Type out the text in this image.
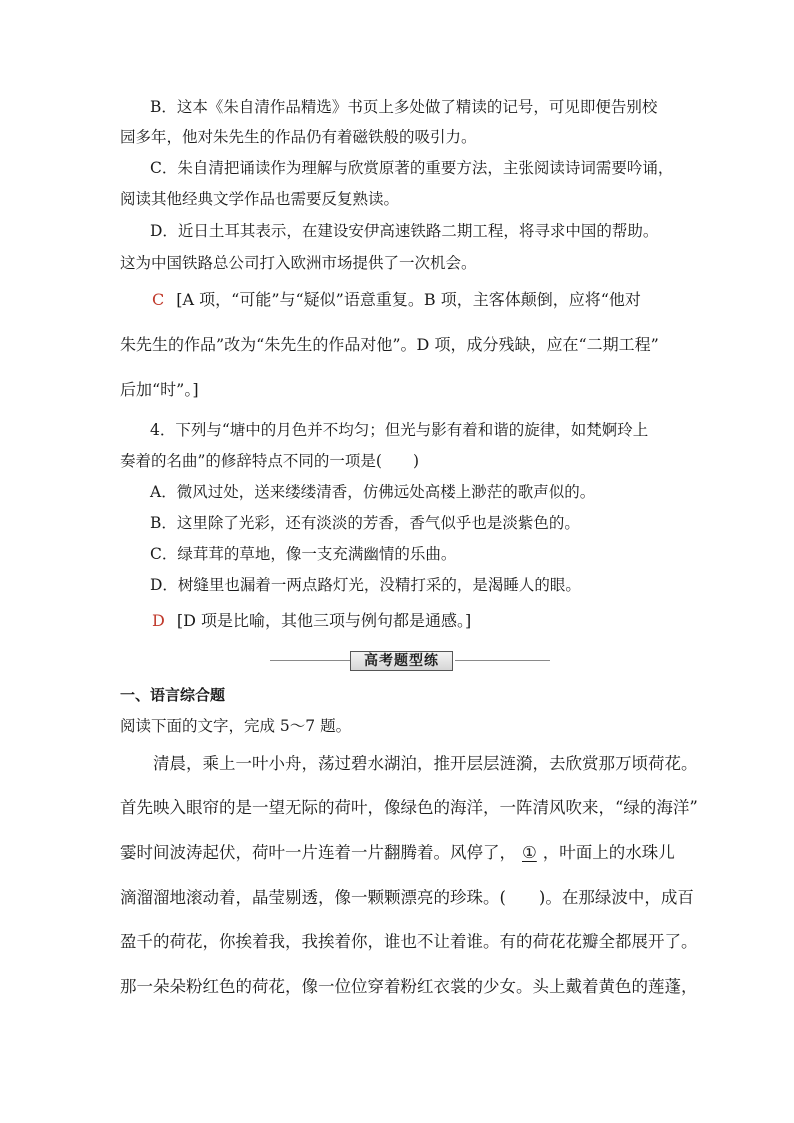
B．这本《朱自清作品精选》书页上多处做了精读的记号，可见即便告别校
园多年，他对朱先生的作品仍有着磁铁般的吸引力。
C．朱自清把诵读作为理解与欣赏原著的重要方法，主张阅读诗词需要吟诵，
阅读其他经典文学作品也需要反复熟读。
D．近日土耳其表示，在建设安伊高速铁路二期工程，将寻求中国的帮助。
这为中国铁路总公司打入欧洲市场提供了一次机会。
C [A 项，“可能”与“疑似”语意重复。B 项，主客体颠倒，应将“他对
朱先生的作品”改为“朱先生的作品对他”。D 项，成分残缺，应在“二期工程”
后加“时”。]
4．下列与“塘中的月色并不均匀；但光与影有着和谐的旋律，如梵婀玲上
奏着的名曲”的修辞特点不同的一项是(　　)
A．微风过处，送来缕缕清香，仿佛远处高楼上渺茫的歌声似的。
B．这里除了光彩，还有淡淡的芳香，香气似乎也是淡紫色的。
C．绿茸茸的草地，像一支充满幽情的乐曲。
D．树缝里也漏着一两点路灯光，没精打采的，是渴睡人的眼。
D [D 项是比喻，其他三项与例句都是通感。]
高考题型练
一、语言综合题
阅读下面的文字，完成 5～7 题。
清晨，乘上一叶小舟，荡过碧水湖泊，推开层层涟漪，去欣赏那万顷荷花。
首先映入眼帘的是一望无际的荷叶，像绿色的海洋，一阵清风吹来，“绿的海洋”
霎时间波涛起伏，荷叶一片连着一片翻腾着。风停了， ① ，叶面上的水珠儿
滴溜溜地滚动着，晶莹剔透，像一颗颗漂亮的珍珠。(　　)。在那绿波中，成百
盈千的荷花，你挨着我，我挨着你，谁也不让着谁。有的荷花花瓣全都展开了。
那一朵朵粉红色的荷花，像一位位穿着粉红衣裳的少女。头上戴着黄色的莲蓬，
